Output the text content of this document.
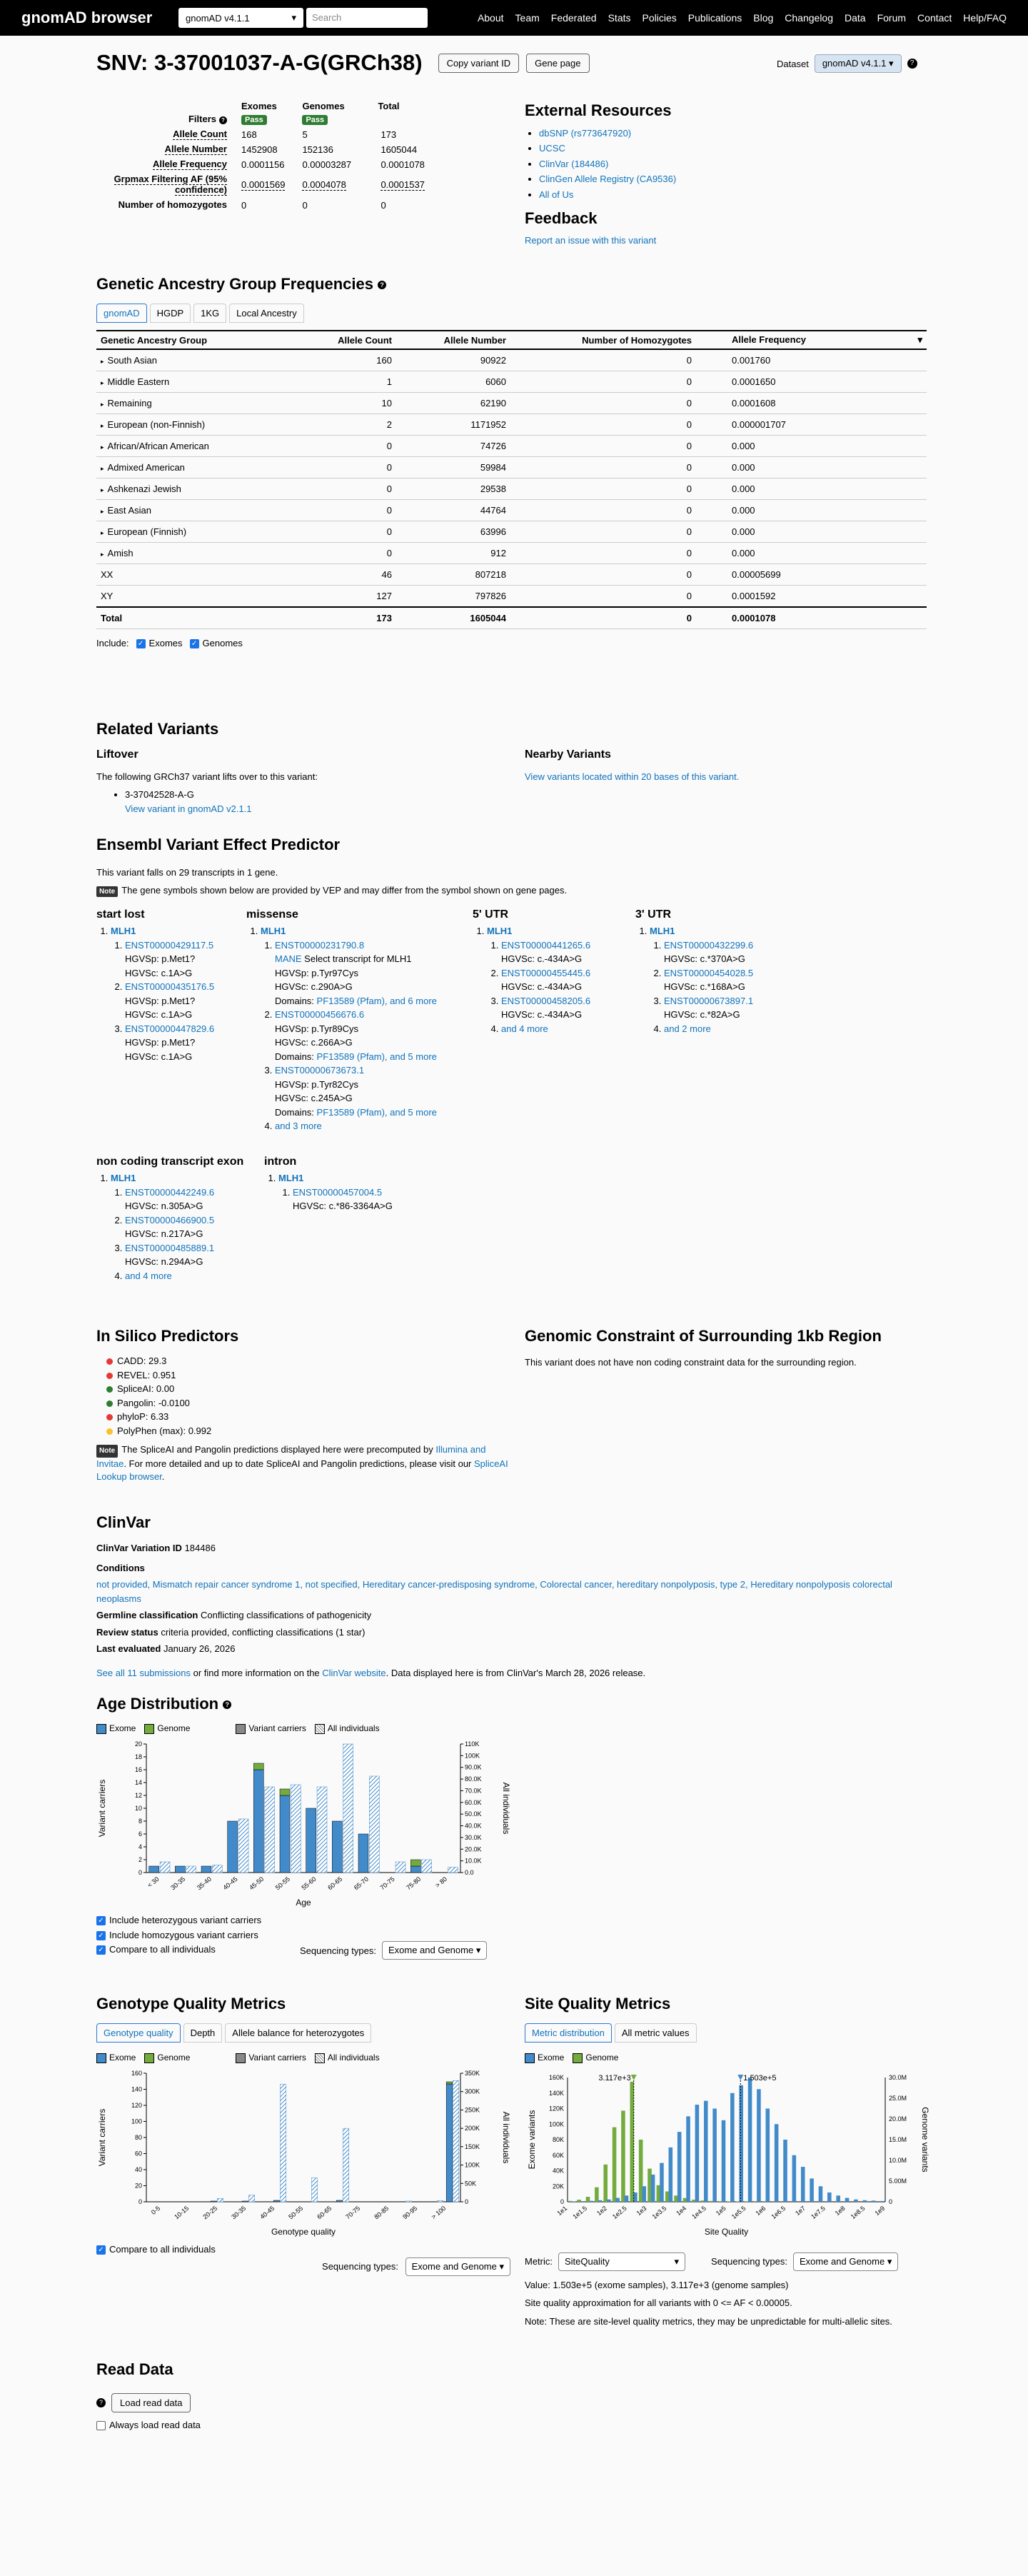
gnomAD browser	gnomAD v4.1.1	▾	Search	About Team Federated Stats Policies Publications Blog Changelog Data Forum Contact Help/FAQ
SNV: 3-37001037-A-G(GRCh38)	Copy variant ID	Gene page	Dataset	gnomAD v4.1.1 ▾	?
	Exomes	Genomes	Total
Filters ?	Pass	Pass	
Allele Count	168	5	173
Allele Number	1452908	152136	1605044
Allele Frequency	0.0001156	0.00003287	0.0001078
Grpmax Filtering AF (95% confidence)	0.0001569	0.0004078	0.0001537
Number of homozygotes	0	0	0
External Resources
• dbSNP (rs773647920)
• UCSC
• ClinVar (184486)
• ClinGen Allele Registry (CA9536)
• All of Us
Feedback
Report an issue with this variant
Genetic Ancestry Group Frequencies ?
gnomAD	HGDP	1KG	Local Ancestry
Genetic Ancestry Group	Allele Count	Allele Number	Number of Homozygotes	Allele Frequency ▾

▸ South Asian	160	90922	0	0.001760
▸ Middle Eastern	1	6060	0	0.0001650
▸ Remaining	10	62190	0	0.0001608
▸ European (non-Finnish)	2	1171952	0	0.000001707
▸ African/African American	0	74726	0	0.000
▸ Admixed American	0	59984	0	0.000
▸ Ashkenazi Jewish	0	29538	0	0.000
▸ East Asian	0	44764	0	0.000
▸ European (Finnish)	0	63996	0	0.000
▸ Amish	0	912	0	0.000
XX	46	807218	0	0.00005699
XY	127	797826	0	0.0001592
Total	173	1605044	0	0.0001078
Include: ✓ Exomes ✓ Genomes
Related Variants
Liftover

The following GRCh37 variant lifts over to this variant:

• 3-37042528-A-G
View variant in gnomAD v2.1.1
Nearby Variants

View variants located within 20 bases of this variant.

Ensembl Variant Effect Predictor

This variant falls on 29 transcripts in 1 gene.

Note The gene symbols shown below are provided by VEP and may differ from the symbol shown on gene pages.

start lost
1. MLH1
1. ENST00000429117.5
HGVSp: p.Met1?
HGVSc: c.1A>G
2. ENST00000435176.5
HGVSp: p.Met1?
HGVSc: c.1A>G
3. ENST00000447829.6
HGVSp: p.Met1?
HGVSc: c.1A>G
missense
1. MLH1
1. ENST00000231790.8
MANE Select transcript for MLH1
HGVSp: p.Tyr97Cys
HGVSc: c.290A>G
Domains: PF13589 (Pfam), and 6 more
2. ENST00000456676.6
HGVSp: p.Tyr89Cys
HGVSc: c.266A>G
Domains: PF13589 (Pfam), and 5 more
3. ENST00000673673.1
HGVSp: p.Tyr82Cys
HGVSc: c.245A>G
Domains: PF13589 (Pfam), and 5 more
4. and 3 more
5' UTR
1. MLH1
1. ENST00000441265.6
HGVSc: c.-434A>G
2. ENST00000455445.6
HGVSc: c.-434A>G
3. ENST00000458205.6
HGVSc: c.-434A>G
4. and 4 more
3' UTR
1. MLH1
1. ENST00000432299.6
HGVSc: c.*370A>G
2. ENST00000454028.5
HGVSc: c.*168A>G
3. ENST00000673897.1
HGVSc: c.*82A>G
4. and 2 more
non coding transcript exon
1. MLH1
1. ENST00000442249.6
HGVSc: n.305A>G
2. ENST00000466900.5
HGVSc: n.217A>G
3. ENST00000485889.1
HGVSc: n.294A>G
4. and 4 more
intron
1. MLH1
1. ENST00000457004.5
HGVSc: c.*86-3364A>G
In Silico Predictors
CADD: 29.3
REVEL: 0.951
SpliceAI: 0.00
Pangolin: -0.0100
phyloP: 6.33
PolyPhen (max): 0.992

Note The SpliceAI and Pangolin predictions displayed here were precomputed by Illumina and Invitae. For more detailed and up to date SpliceAI and Pangolin predictions, please visit our SpliceAI Lookup browser.

Genomic Constraint of Surrounding 1kb Region

This variant does not have non coding constraint data for the surrounding region.

ClinVar

ClinVar Variation ID 184486

Conditions

not provided, Mismatch repair cancer syndrome 1, not specified, Hereditary cancer-predisposing syndrome, Colorectal cancer, hereditary nonpolyposis, type 2, Hereditary nonpolyposis colorectal neoplasms

Germline classification Conflicting classifications of pathogenicity

Review status criteria provided, conflicting classifications (1 star)

Last evaluated January 26, 2026

See all 11 submissions or find more information on the ClinVar website. Data displayed here is from ClinVar's March 28, 2026 release.

Age Distribution ?
Exome	Genome	Variant carriers	All individuals
0
2
4
6
8
10
12
14
16
18
20
0.0
10.0K
20.0K
30.0K
40.0K
50.0K
60.0K
70.0K
80.0K
90.0K
100K
110K
Variant carriers	All individuals
Age
< 30 30-35 35-40 40-45 45-50 50-55 55-60 60-65 65-70 70-75 75-80 > 80
✓ Include heterozygous variant carriers
✓ Include homozygous variant carriers
✓ Compare to all individuals	Sequencing types:	Exome and Genome ▾
Genotype Quality Metrics
Genotype quality	Depth	Allele balance for heterozygotes
Exome	Genome	Variant carriers	All individuals
0
20
40
60
80
100
120
140
160
0
50K
100K
150K
200K
250K
300K
350K
Variant carriers	All individuals
Genotype quality
0-5 10-15 20-25 30-35 40-45 50-55 60-65 70-75 80-85 90-95 > 100
✓ Compare to all individuals
Sequencing types: Exome and Genome ▾
Site Quality Metrics
Metric distribution	All metric values
Exome	Genome
0
20K
40K
60K
80K
100K
120K
140K
160K
0
5.00M
10.0M
15.0M
20.0M
25.0M
30.0M
Exome variants	Genome variants
Site Quality
1e1 1e1.5 1e2 1e2.5 1e3 1e3.5 1e4 1e4.5 1e5 1e5.5 1e6 1e6.5 1e7 1e7.5 1e8 1e8.5 1e9
3.117e+3	1.503e+5
Metric:	SiteQuality	▾	Sequencing types:	Exome and Genome ▾

Value: 1.503e+5 (exome samples), 3.117e+3 (genome samples)

Site quality approximation for all variants with 0 <= AF < 0.00005.

Note: These are site-level quality metrics, they may be unpredictable for multi-allelic sites.

Read Data
?	Load read data
Always load read data
